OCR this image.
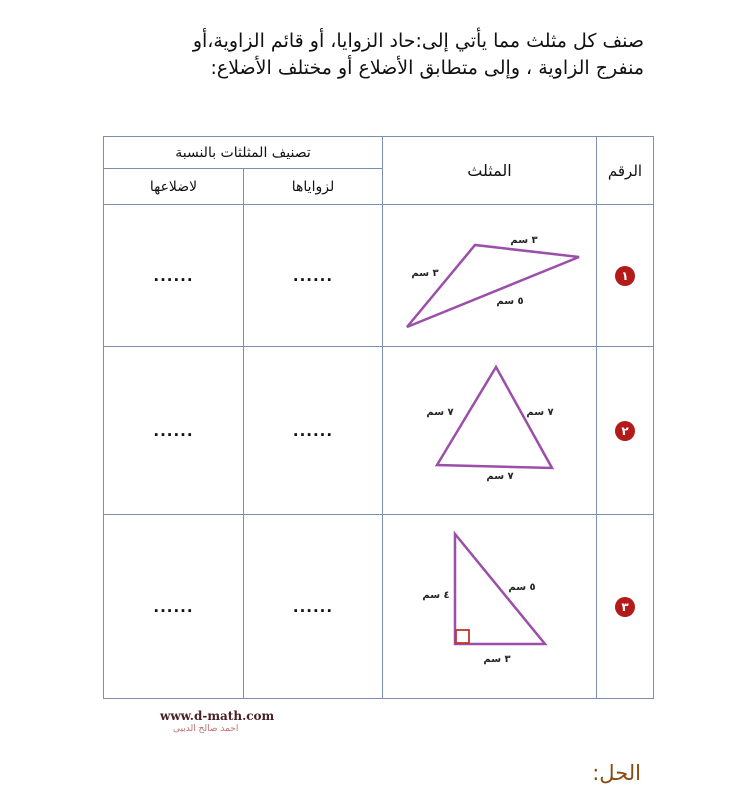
صنف كل مثلث مما يأتي إلى:حاد الزوايا، أو قائم الزاوية،أو
منفرج الزاوية ، وإلى متطابق الأضلاع أو مختلف الأضلاع:
الرقم	المثلث	تصنيف المثلثات بالنسبة	
		لزواياها	لاضلاعها
١	٣ سم
٣ سم
٥ سم	......	......
٢	٧ سم ٧ سم
٧ سم	......	......
٣	٤ سم
٥ سم
٣ سم	......	......
www.d-math.com
احمد صالح الدبيى
الحل:
